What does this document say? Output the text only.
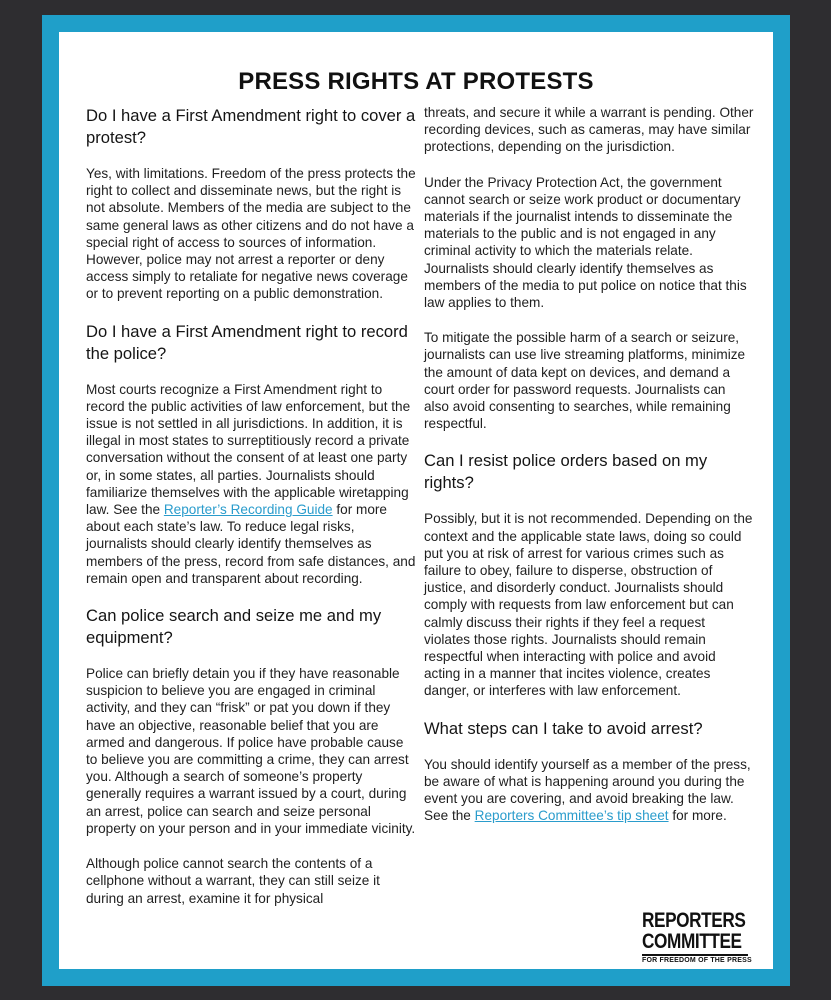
PRESS RIGHTS AT PROTESTS
Do I have a First Amendment right to cover a protest?

Yes, with limitations. Freedom of the press protects the right to collect and disseminate news, but the right is not absolute. Members of the media are subject to the same general laws as other citizens and do not have a special right of access to sources of information. However, police may not arrest a reporter or deny access simply to retaliate for negative news coverage or to prevent reporting on a public demonstration.

Do I have a First Amendment right to record the police?

Most courts recognize a First Amendment right to record the public activities of law enforcement, but the issue is not settled in all jurisdictions. In addition, it is illegal in most states to surreptitiously record a private conversation without the consent of at least one party or, in some states, all parties. Journalists should familiarize themselves with the applicable wiretapping law. See the Reporter’s Recording Guide for more about each state’s law. To reduce legal risks, journalists should clearly identify themselves as members of the press, record from safe distances, and remain open and transparent about recording.

Can police search and seize me and my equipment?

Police can briefly detain you if they have reasonable suspicion to believe you are engaged in criminal activity, and they can “frisk” or pat you down if they have an objective, reasonable belief that you are armed and dangerous. If police have probable cause to believe you are committing a crime, they can arrest you. Although a search of someone’s property generally requires a warrant issued by a court, during an arrest, police can search and seize personal property on your person and in your immediate vicinity.

Although police cannot search the contents of a cellphone without a warrant, they can still seize it during an arrest, examine it for physical

threats, and secure it while a warrant is pending. Other recording devices, such as cameras, may have similar protections, depending on the jurisdiction.

Under the Privacy Protection Act, the government cannot search or seize work product or documentary materials if the journalist intends to disseminate the materials to the public and is not engaged in any criminal activity to which the materials relate. Journalists should clearly identify themselves as members of the media to put police on notice that this law applies to them.

To mitigate the possible harm of a search or seizure, journalists can use live streaming platforms, minimize the amount of data kept on devices, and demand a court order for password requests. Journalists can also avoid consenting to searches, while remaining respectful.

Can I resist police orders based on my rights?

Possibly, but it is not recommended. Depending on the context and the applicable state laws, doing so could put you at risk of arrest for various crimes such as failure to obey, failure to disperse, obstruction of justice, and disorderly conduct. Journalists should comply with requests from law enforcement but can calmly discuss their rights if they feel a request violates those rights. Journalists should remain respectful when interacting with police and avoid acting in a manner that incites violence, creates danger, or interferes with law enforcement.

What steps can I take to avoid arrest?

You should identify yourself as a member of the press, be aware of what is happening around you during the event you are covering, and avoid breaking the law. See the Reporters Committee’s tip sheet for more.

REPORTERS
COMMITTEE
FOR FREEDOM OF THE PRESS
